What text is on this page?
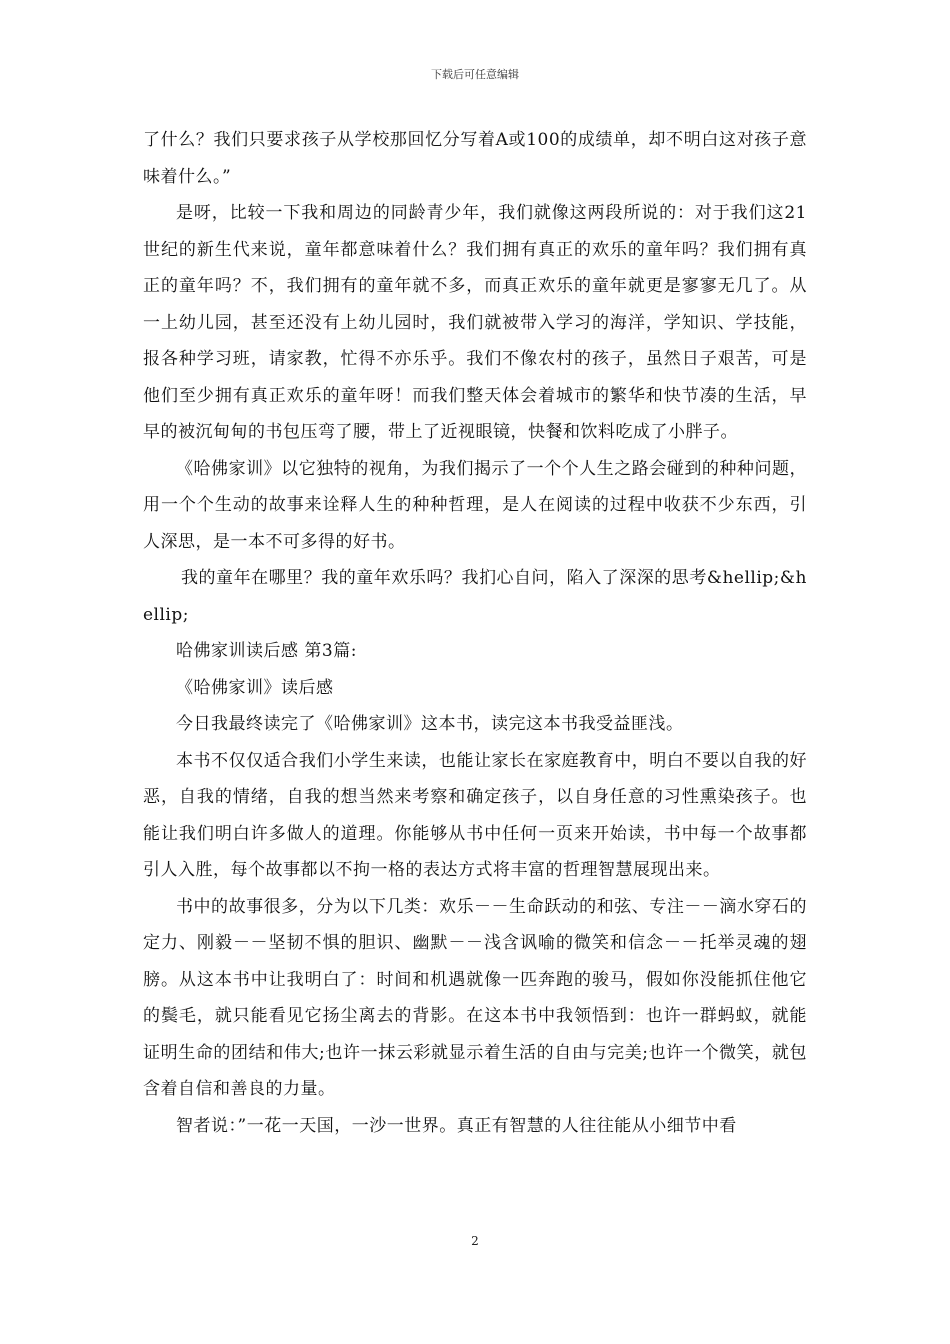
下载后可任意编辑

了什么？我们只要求孩子从学校那回忆分写着A或100的成绩单，却不明白这对孩子意味着什么。”

是呀，比较一下我和周边的同龄青少年，我们就像这两段所说的：对于我们这21世纪的新生代来说，童年都意味着什么？我们拥有真正的欢乐的童年吗？我们拥有真正的童年吗？不，我们拥有的童年就不多，而真正欢乐的童年就更是寥寥无几了。从一上幼儿园，甚至还没有上幼儿园时，我们就被带入学习的海洋，学知识、学技能，报各种学习班，请家教，忙得不亦乐乎。我们不像农村的孩子，虽然日子艰苦，可是他们至少拥有真正欢乐的童年呀！而我们整天体会着城市的繁华和快节凑的生活，早早的被沉甸甸的书包压弯了腰，带上了近视眼镜，快餐和饮料吃成了小胖子。

《哈佛家训》以它独特的视角，为我们揭示了一个个人生之路会碰到的种种问题，用一个个生动的故事来诠释人生的种种哲理，是人在阅读的过程中收获不少东西，引人深思，是一本不可多得的好书。

我的童年在哪里？我的童年欢乐吗？我扪心自问，陷入了深深的思考&hellip;&hellip;

哈佛家训读后感 第3篇:

《哈佛家训》读后感

今日我最终读完了《哈佛家训》这本书，读完这本书我受益匪浅。

本书不仅仅适合我们小学生来读，也能让家长在家庭教育中，明白不要以自我的好恶，自我的情绪，自我的想当然来考察和确定孩子，以自身任意的习性熏染孩子。也能让我们明白许多做人的道理。你能够从书中任何一页来开始读，书中每一个故事都引人入胜，每个故事都以不拘一格的表达方式将丰富的哲理智慧展现出来。

书中的故事很多，分为以下几类：欢乐－－生命跃动的和弦、专注－－滴水穿石的定力、刚毅－－坚韧不惧的胆识、幽默－－浅含讽喻的微笑和信念－－托举灵魂的翅膀。从这本书中让我明白了：时间和机遇就像一匹奔跑的骏马，假如你没能抓住他它的鬓毛，就只能看见它扬尘离去的背影。在这本书中我领悟到：也许一群蚂蚁，就能证明生命的团结和伟大;也许一抹云彩就显示着生活的自由与完美;也许一个微笑，就包含着自信和善良的力量。

智者说：”一花一天国，一沙一世界。真正有智慧的人往往能从小细节中看

2
